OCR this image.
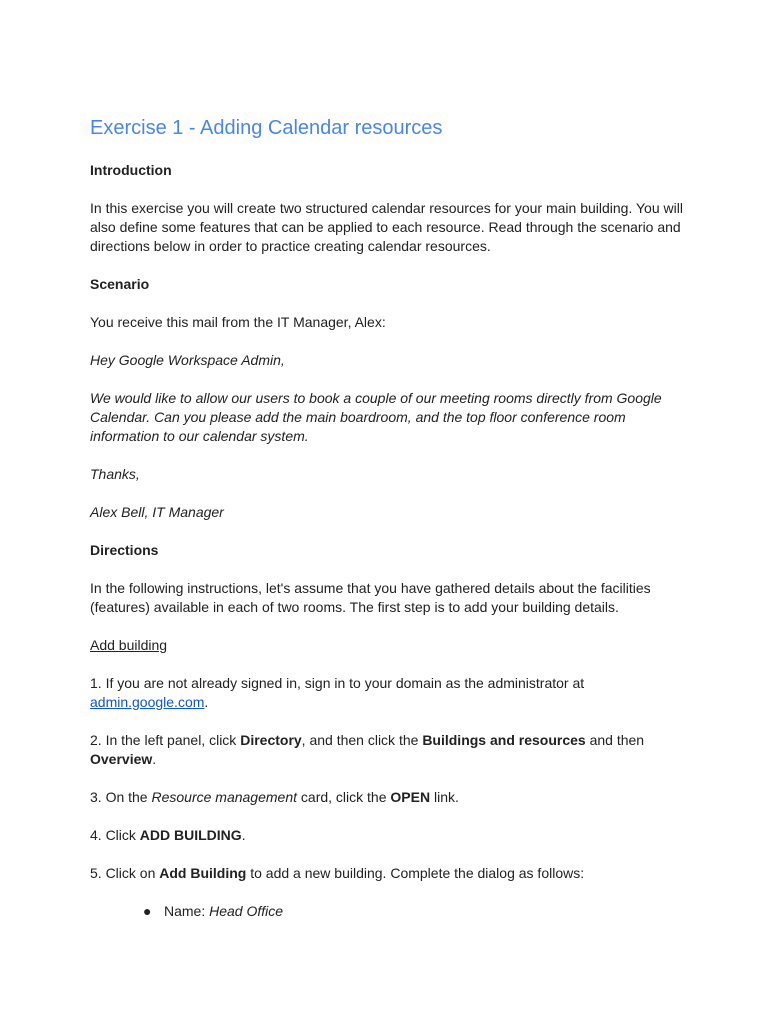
Exercise 1 - Adding Calendar resources

Introduction

In this exercise you will create two structured calendar resources for your main building. You will also define some features that can be applied to each resource. Read through the scenario and directions below in order to practice creating calendar resources.

Scenario

You receive this mail from the IT Manager, Alex:

Hey Google Workspace Admin,

We would like to allow our users to book a couple of our meeting rooms directly from Google Calendar. Can you please add the main boardroom, and the top floor conference room information to our calendar system.

Thanks,

Alex Bell, IT Manager

Directions

In the following instructions, let's assume that you have gathered details about the facilities (features) available in each of two rooms. The first step is to add your building details.

Add building

1. If you are not already signed in, sign in to your domain as the administrator at admin.google.com.

2. In the left panel, click Directory, and then click the Buildings and resources and then Overview.

3. On the Resource management card, click the OPEN link.

4. Click ADD BUILDING.

5. Click on Add Building to add a new building. Complete the dialog as follows:

● Name: Head Office
